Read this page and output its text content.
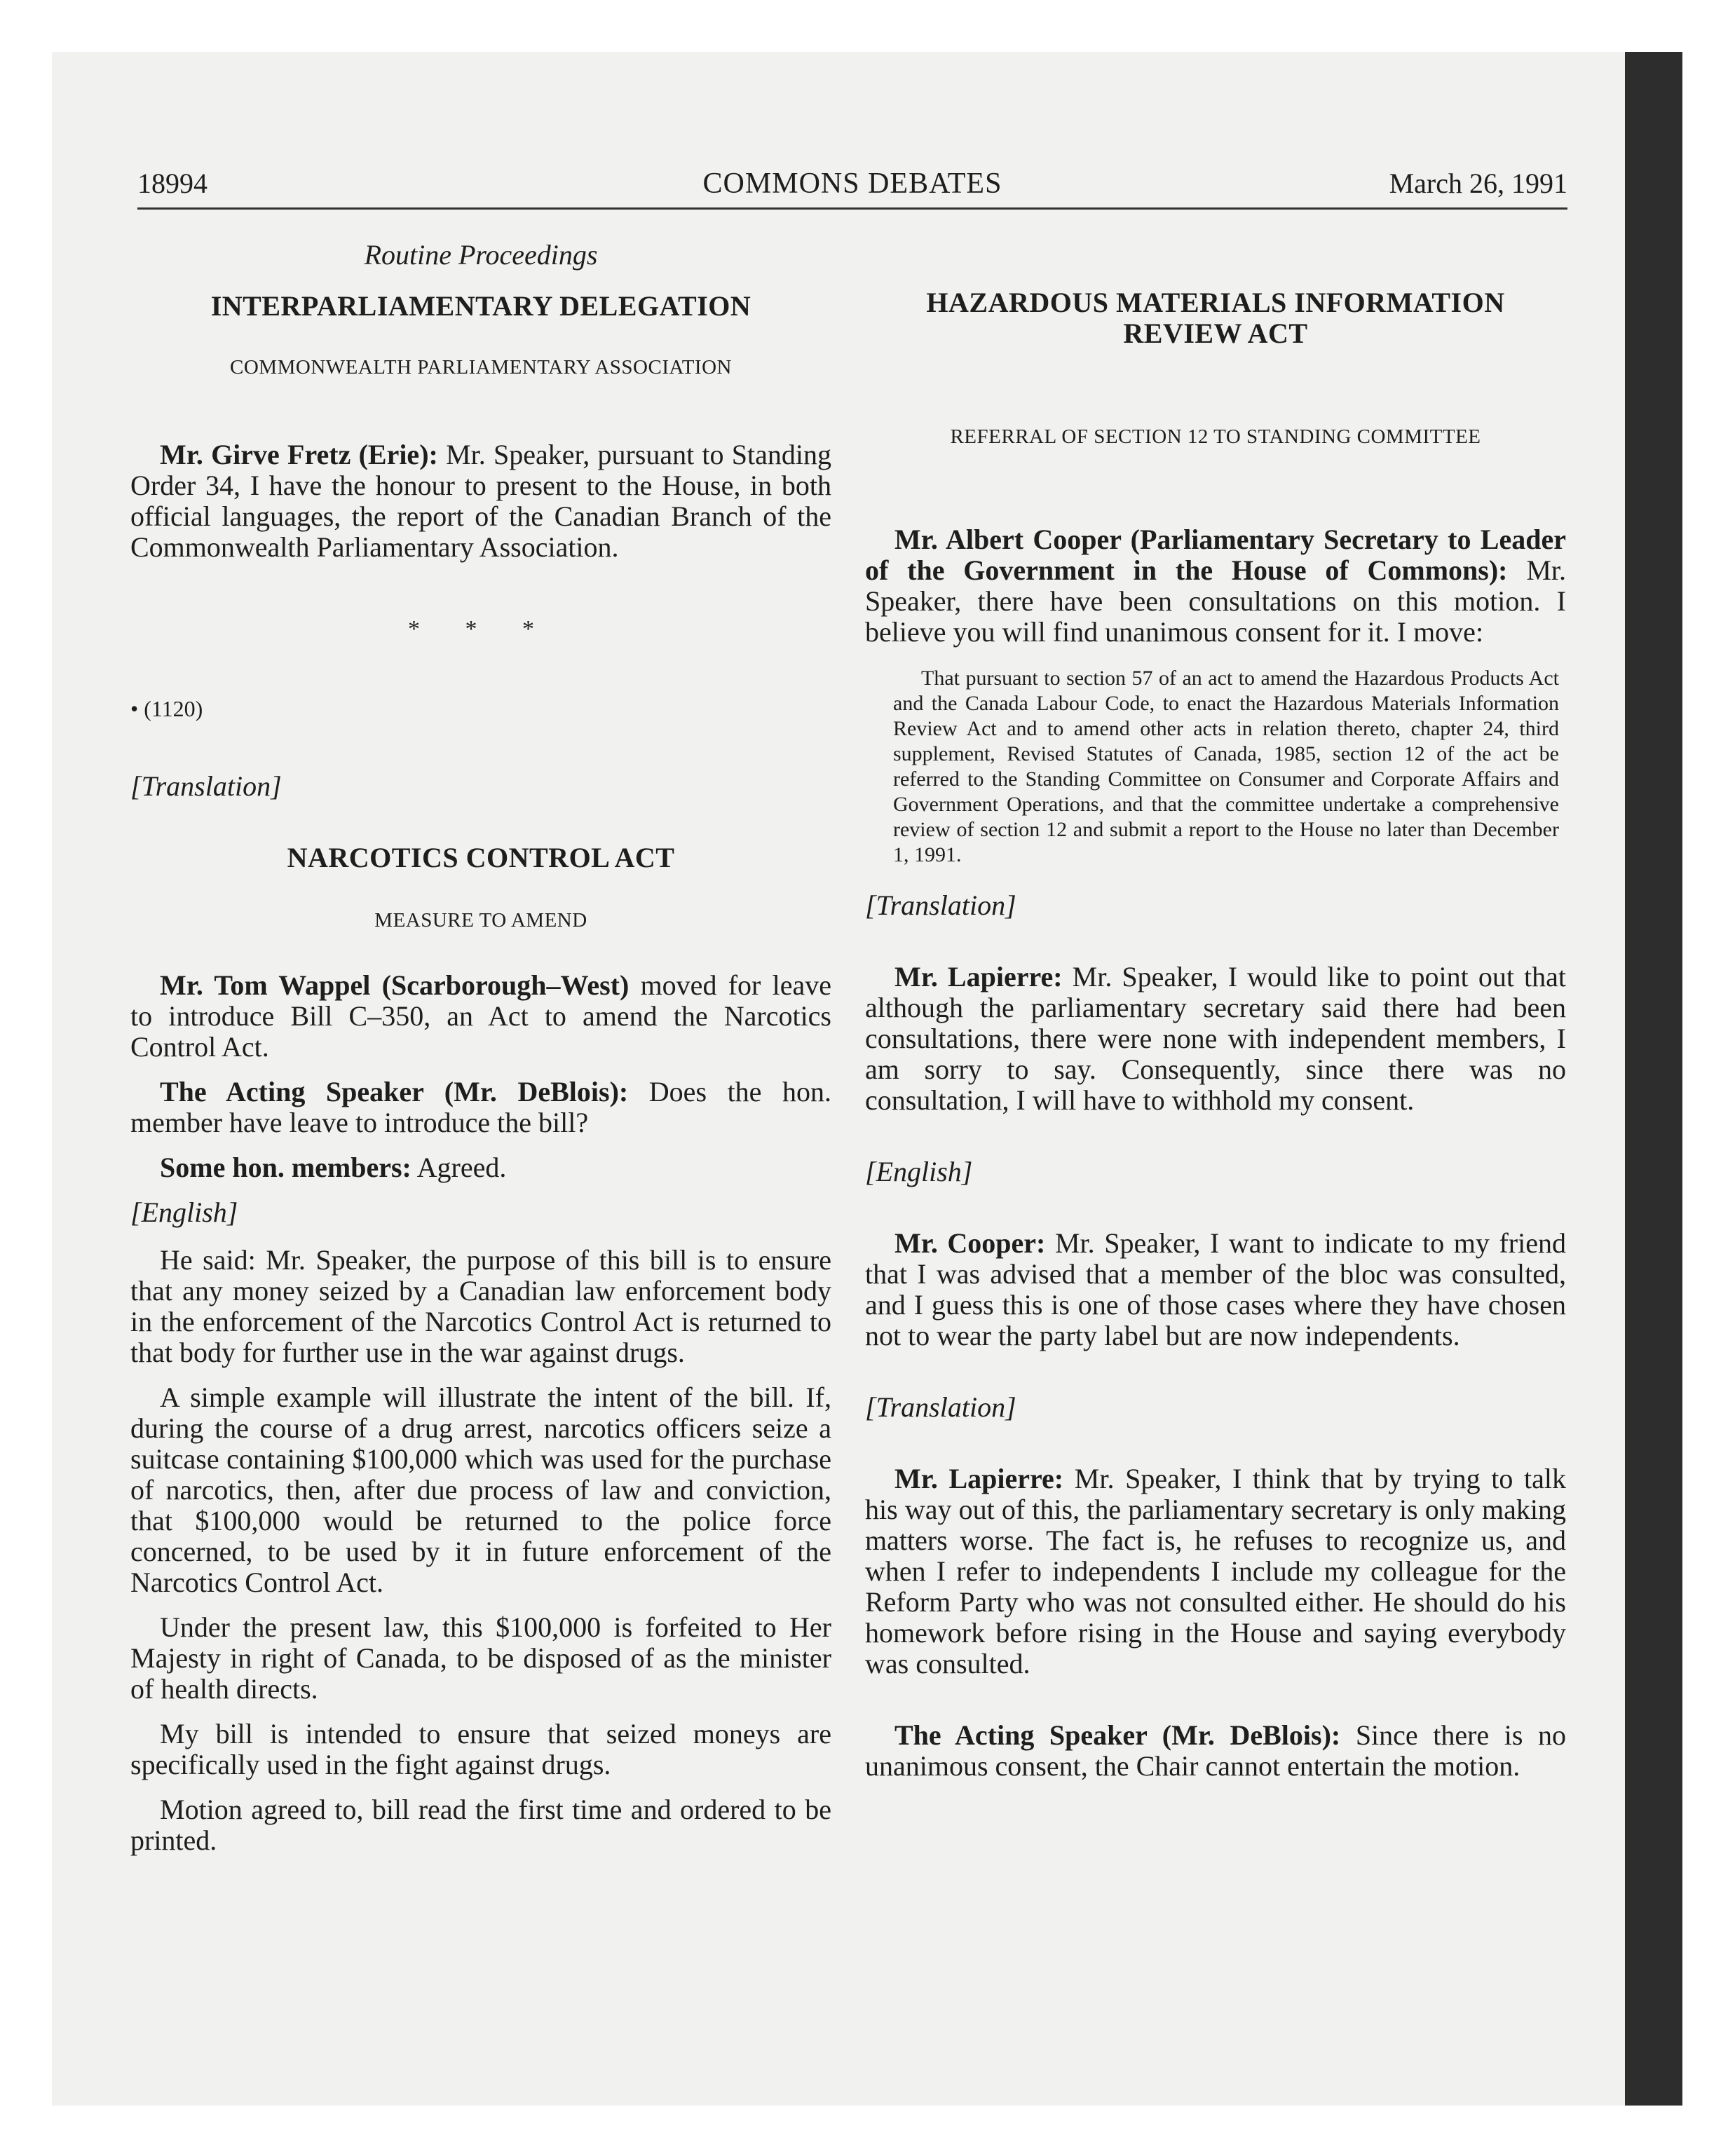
COMMONS DEBATES
18994	March 26, 1991

Routine Proceedings

INTERPARLIAMENTARY DELEGATION

COMMONWEALTH PARLIAMENTARY ASSOCIATION

Mr. Girve Fretz (Erie): Mr. Speaker, pursuant to Standing Order 34, I have the honour to present to the House, in both official languages, the report of the Canadian Branch of the Commonwealth Parliamentary Association.

* * *

• (1120)

[Translation]

NARCOTICS CONTROL ACT

MEASURE TO AMEND

Mr. Tom Wappel (Scarborough–West) moved for leave to introduce Bill C–350, an Act to amend the Narcotics Control Act.

The Acting Speaker (Mr. DeBlois): Does the hon. member have leave to introduce the bill?

Some hon. members: Agreed.

[English]

He said: Mr. Speaker, the purpose of this bill is to ensure that any money seized by a Canadian law enforcement body in the enforcement of the Narcotics Control Act is returned to that body for further use in the war against drugs.

A simple example will illustrate the intent of the bill. If, during the course of a drug arrest, narcotics officers seize a suitcase containing $100,000 which was used for the purchase of narcotics, then, after due process of law and conviction, that $100,000 would be returned to the police force concerned, to be used by it in future enforcement of the Narcotics Control Act.

Under the present law, this $100,000 is forfeited to Her Majesty in right of Canada, to be disposed of as the minister of health directs.

My bill is intended to ensure that seized moneys are specifically used in the fight against drugs.

Motion agreed to, bill read the first time and ordered to be printed.

HAZARDOUS MATERIALS INFORMATION REVIEW ACT

REFERRAL OF SECTION 12 TO STANDING COMMITTEE

Mr. Albert Cooper (Parliamentary Secretary to Leader of the Government in the House of Commons): Mr. Speaker, there have been consultations on this motion. I believe you will find unanimous consent for it. I move:

That pursuant to section 57 of an act to amend the Hazardous Products Act and the Canada Labour Code, to enact the Hazardous Materials Information Review Act and to amend other acts in relation thereto, chapter 24, third supplement, Revised Statutes of Canada, 1985, section 12 of the act be referred to the Standing Committee on Consumer and Corporate Affairs and Government Operations, and that the committee undertake a comprehensive review of section 12 and submit a report to the House no later than December 1, 1991.

[Translation]

Mr. Lapierre: Mr. Speaker, I would like to point out that although the parliamentary secretary said there had been consultations, there were none with independent members, I am sorry to say. Consequently, since there was no consultation, I will have to withhold my consent.

[English]

Mr. Cooper: Mr. Speaker, I want to indicate to my friend that I was advised that a member of the bloc was consulted, and I guess this is one of those cases where they have chosen not to wear the party label but are now independents.

[Translation]

Mr. Lapierre: Mr. Speaker, I think that by trying to talk his way out of this, the parliamentary secretary is only making matters worse. The fact is, he refuses to recognize us, and when I refer to independents I include my colleague for the Reform Party who was not consulted either. He should do his homework before rising in the House and saying everybody was consulted.

The Acting Speaker (Mr. DeBlois): Since there is no unanimous consent, the Chair cannot entertain the motion.
